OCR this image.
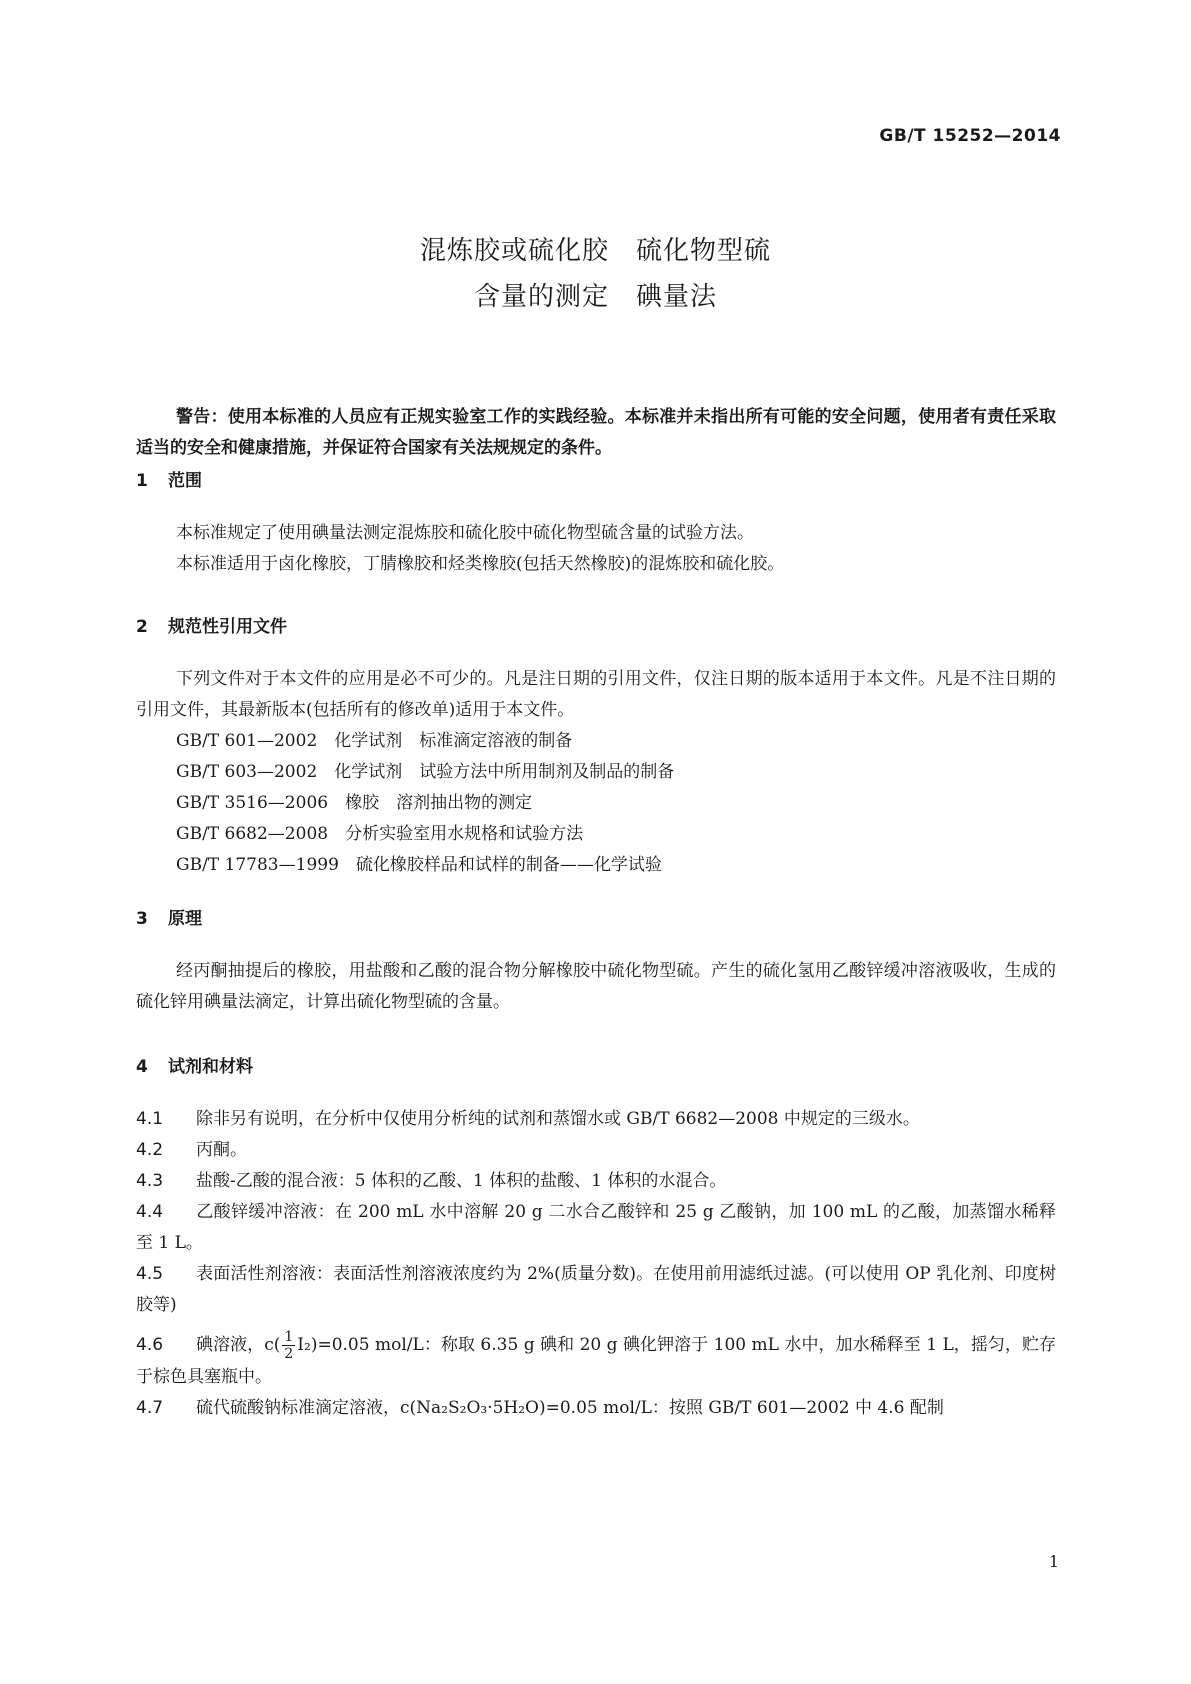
GB/T 15252—2014
混炼胶或硫化胶　硫化物型硫
含量的测定　碘量法
警告：使用本标准的人员应有正规实验室工作的实践经验。本标准并未指出所有可能的安全问题，使用者有责任采取适当的安全和健康措施，并保证符合国家有关法规规定的条件。
1 范围

本标准规定了使用碘量法测定混炼胶和硫化胶中硫化物型硫含量的试验方法。

本标准适用于卤化橡胶，丁腈橡胶和烃类橡胶(包括天然橡胶)的混炼胶和硫化胶。

2 规范性引用文件

下列文件对于本文件的应用是必不可少的。凡是注日期的引用文件，仅注日期的版本适用于本文件。凡是不注日期的引用文件，其最新版本(包括所有的修改单)适用于本文件。

GB/T 601—2002　化学试剂　标准滴定溶液的制备

GB/T 603—2002　化学试剂　试验方法中所用制剂及制品的制备

GB/T 3516—2006　橡胶　溶剂抽出物的测定

GB/T 6682—2008　分析实验室用水规格和试验方法

GB/T 17783—1999　硫化橡胶样品和试样的制备——化学试验

3 原理

经丙酮抽提后的橡胶，用盐酸和乙酸的混合物分解橡胶中硫化物型硫。产生的硫化氢用乙酸锌缓冲溶液吸收，生成的硫化锌用碘量法滴定，计算出硫化物型硫的含量。

4 试剂和材料

4.1 除非另有说明，在分析中仅使用分析纯的试剂和蒸馏水或 GB/T 6682—2008 中规定的三级水。

4.2 丙酮。

4.3 盐酸-乙酸的混合液：5 体积的乙酸、1 体积的盐酸、1 体积的水混合。

4.4 乙酸锌缓冲溶液：在 200 mL 水中溶解 20 g 二水合乙酸锌和 25 g 乙酸钠，加 100 mL 的乙酸，加蒸馏水稀释至 1 L。

4.5 表面活性剂溶液：表面活性剂溶液浓度约为 2%(质量分数)。在使用前用滤纸过滤。(可以使用 OP 乳化剂、印度树胶等)

4.6 碘溶液，$c( \frac{1}{2} I_2)=0.05$ mol/L：称取 6.35 g 碘和 20 g 碘化钾溶于 100 mL 水中，加水稀释至 1 L，摇匀，贮存于棕色具塞瓶中。

4.7 硫代硫酸钠标准滴定溶液，c(Na₂S₂O₃·5H₂O)=0.05 mol/L：按照 GB/T 601—2002 中 4.6 配制

1
